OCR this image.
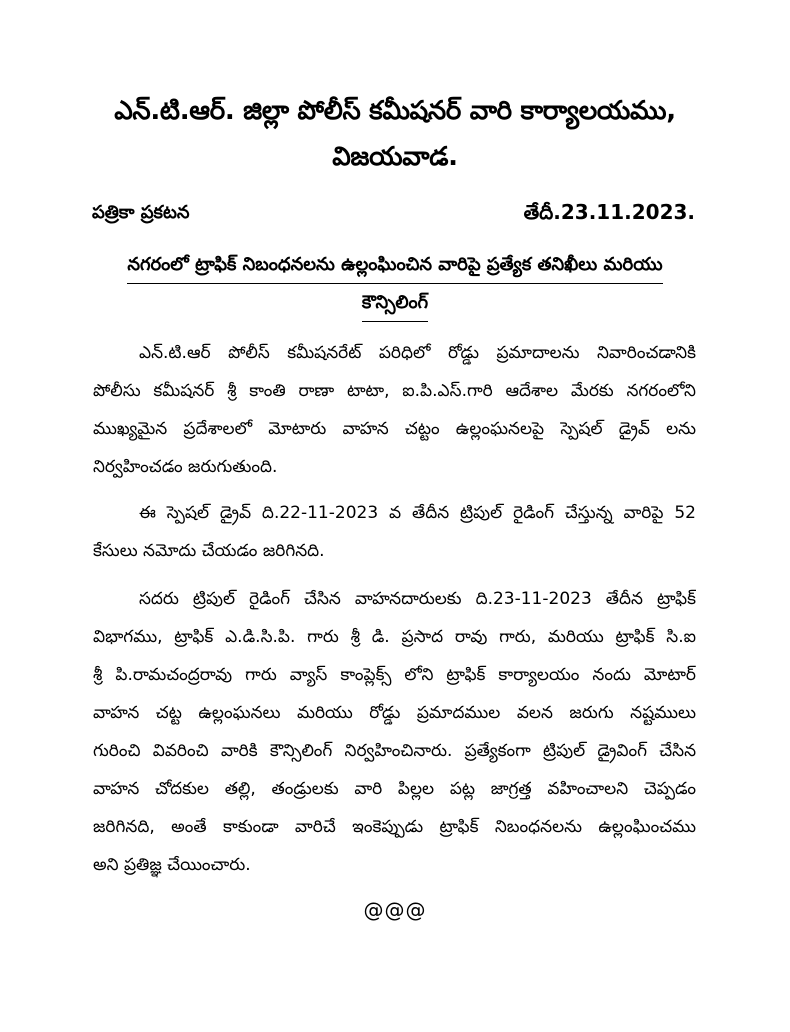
ఎన్.టి.ఆర్. జిల్లా పోలీస్ కమీషనర్ వారి కార్యాలయము,
విజయవాడ.
పత్రికా ప్రకటన	తేదీ.23.11.2023.
నగరంలో ట్రాఫిక్ నిబంధనలను ఉల్లంఘించిన వారిపై ప్రత్యేక తనిఖీలు మరియు
కౌన్సిలింగ్
ఎన్.టి.ఆర్ పోలీస్ కమీషనరేట్ పరిధిలో రోడ్డు ప్రమాదాలను నివారించడానికి
పోలీసు కమీషనర్ శ్రీ కాంతి రాణా టాటా, ఐ.పి.ఎస్.గారి ఆదేశాల మేరకు నగరంలోని
ముఖ్యమైన ప్రదేశాలలో మోటారు వాహన చట్టం ఉల్లంఘనలపై స్పెషల్ డ్రైవ్ లను
నిర్వహించడం జరుగుతుంది.
ఈ స్పెషల్ డ్రైవ్ ది.22-11-2023 వ తేదీన ట్రిపుల్ రైడింగ్ చేస్తున్న వారిపై 52
కేసులు నమోదు చేయడం జరిగినది.
సదరు ట్రిపుల్ రైడింగ్ చేసిన వాహనదారులకు ది.23-11-2023 తేదీన ట్రాఫిక్
విభాగము, ట్రాఫిక్ ఎ.డి.సి.పి. గారు శ్రీ డి. ప్రసాద రావు గారు, మరియు ట్రాఫిక్ సి.ఐ
శ్రీ పి.రామచంద్రరావు గారు వ్యాస్ కాంప్లెక్స్ లోని ట్రాఫిక్ కార్యాలయం నందు మోటార్
వాహన చట్ట ఉల్లంఘనలు మరియు రోడ్డు ప్రమాదముల వలన జరుగు నష్టములు
గురించి వివరించి వారికి కౌన్సిలింగ్ నిర్వహించినారు. ప్రత్యేకంగా ట్రిపుల్ డ్రైవింగ్ చేసిన
వాహన చోదకుల తల్లి, తండ్రులకు వారి పిల్లల పట్ల జాగ్రత్త వహించాలని చెప్పడం
జరిగినది, అంతే కాకుండా వారిచే ఇంకెప్పుడు ట్రాఫిక్ నిబంధనలను ఉల్లంఘించము
అని ప్రతిజ్ఞ చేయించారు.
@@@
